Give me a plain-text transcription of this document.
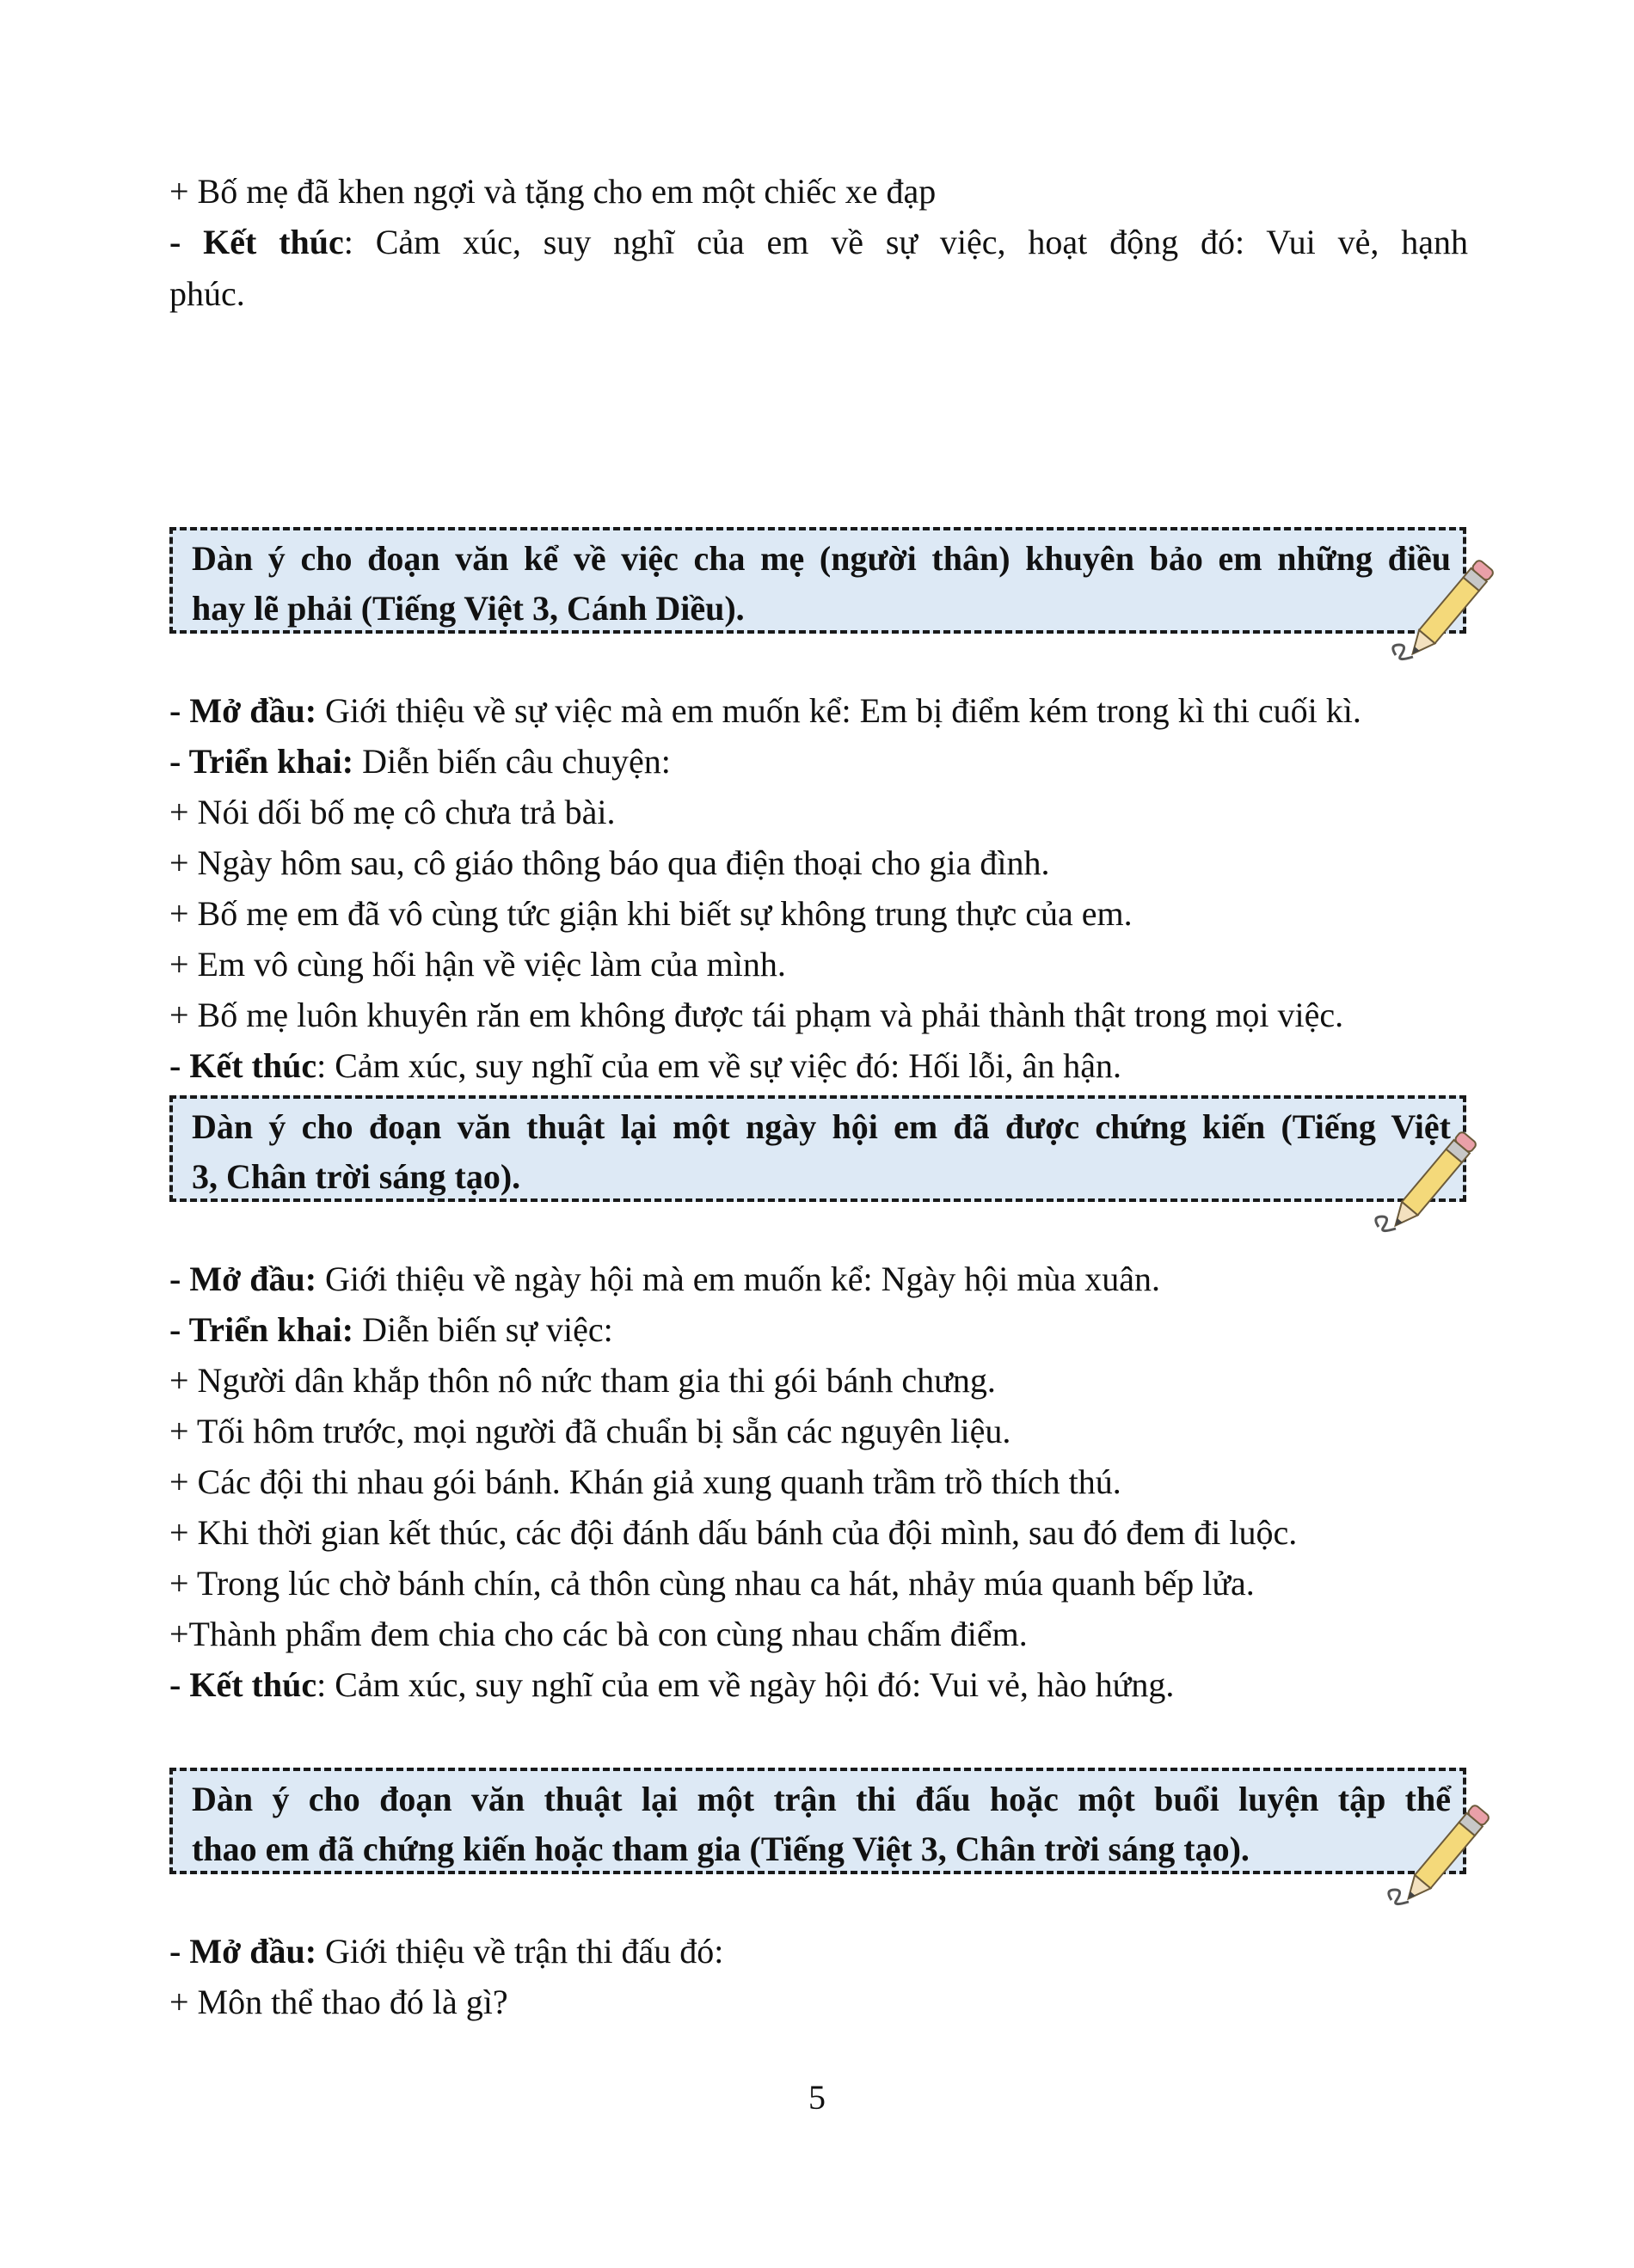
+ Bố mẹ đã khen ngợi và tặng cho em một chiếc xe đạp
- Kết thúc: Cảm xúc, suy nghĩ của em về sự việc, hoạt động đó: Vui vẻ, hạnh
phúc.
Dàn ý cho đoạn văn kể về việc cha mẹ (người thân) khuyên bảo em những điều
hay lẽ phải (Tiếng Việt 3, Cánh Diều).
- Mở đầu: Giới thiệu về sự việc mà em muốn kể: Em bị điểm kém trong kì thi cuối kì.
- Triển khai: Diễn biến câu chuyện:
+ Nói dối bố mẹ cô chưa trả bài.
+ Ngày hôm sau, cô giáo thông báo qua điện thoại cho gia đình.
+ Bố mẹ em đã vô cùng tức giận khi biết sự không trung thực của em.
+ Em vô cùng hối hận về việc làm của mình.
+ Bố mẹ luôn khuyên răn em không được tái phạm và phải thành thật trong mọi việc.
- Kết thúc: Cảm xúc, suy nghĩ của em về sự việc đó: Hối lỗi, ân hận.
Dàn ý cho đoạn văn thuật lại một ngày hội em đã được chứng kiến (Tiếng Việt
3, Chân trời sáng tạo).
- Mở đầu: Giới thiệu về ngày hội mà em muốn kể: Ngày hội mùa xuân.
- Triển khai: Diễn biến sự việc:
+ Người dân khắp thôn nô nức tham gia thi gói bánh chưng.
+ Tối hôm trước, mọi người đã chuẩn bị sẵn các nguyên liệu.
+ Các đội thi nhau gói bánh. Khán giả xung quanh trầm trồ thích thú.
+ Khi thời gian kết thúc, các đội đánh dấu bánh của đội mình, sau đó đem đi luộc.
+ Trong lúc chờ bánh chín, cả thôn cùng nhau ca hát, nhảy múa quanh bếp lửa.
+Thành phẩm đem chia cho các bà con cùng nhau chấm điểm.
- Kết thúc: Cảm xúc, suy nghĩ của em về ngày hội đó: Vui vẻ, hào hứng.
Dàn ý cho đoạn văn thuật lại một trận thi đấu hoặc một buổi luyện tập thể
thao em đã chứng kiến hoặc tham gia (Tiếng Việt 3, Chân trời sáng tạo).
- Mở đầu: Giới thiệu về trận thi đấu đó:
+ Môn thể thao đó là gì?
5
